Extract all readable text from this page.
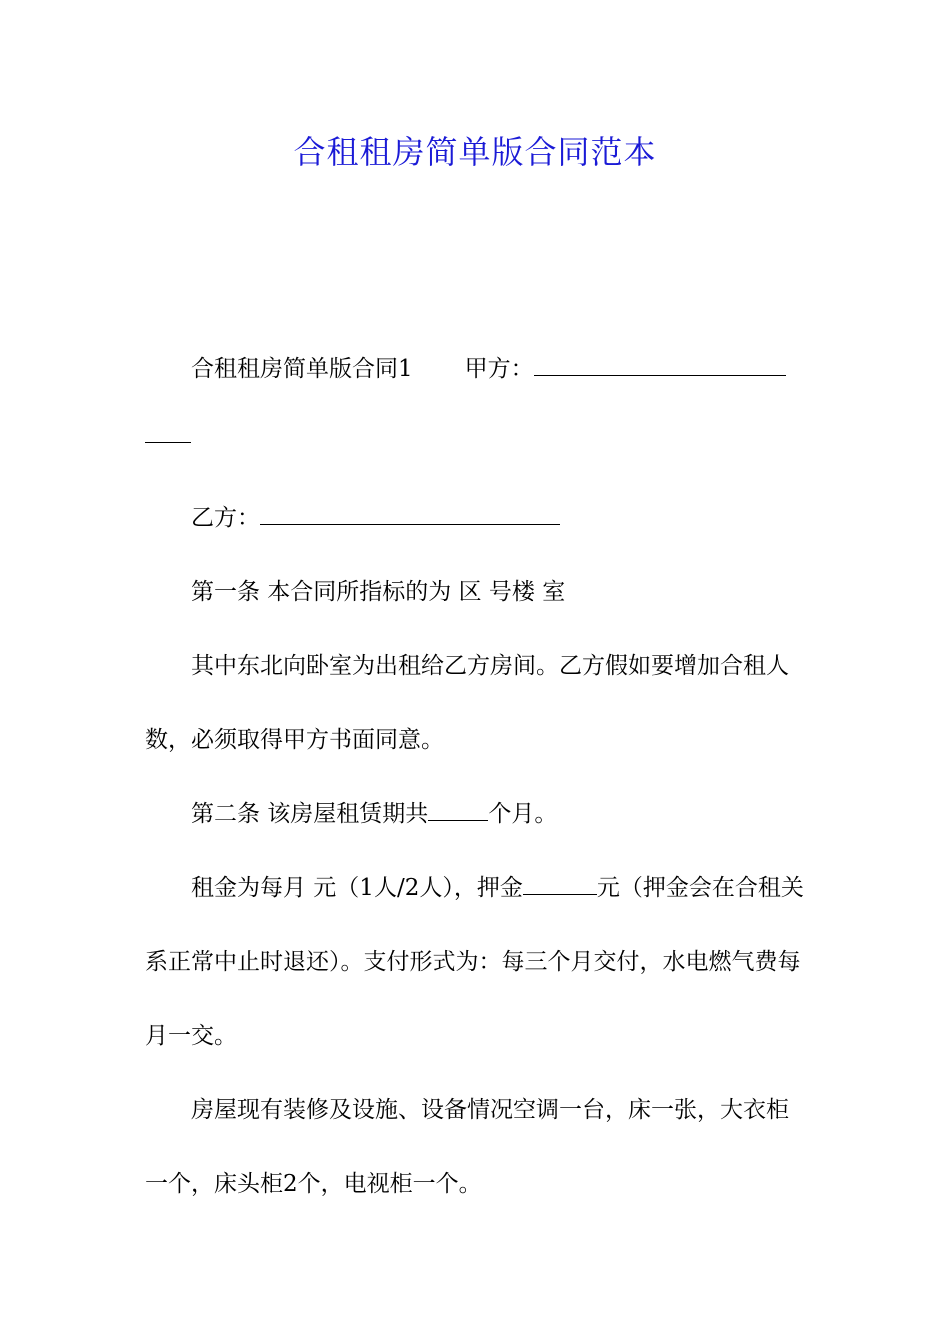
合租租房简单版合同范本

合租租房简单版合同1 甲方：

乙方：

第一条 本合同所指标的为 区 号楼 室

其中东北向卧室为出租给乙方房间。乙方假如要增加合租人数，必须取得甲方书面同意。

第二条 该房屋租赁期共	个月。

租金为每月 元（1人/2人），押金	元（押金会在合租关系正常中止时退还）。支付形式为：每三个月交付，水电燃气费每月一交。

房屋现有装修及设施、设备情况空调一台，床一张，大衣柜一个，床头柜2个，电视柜一个。
